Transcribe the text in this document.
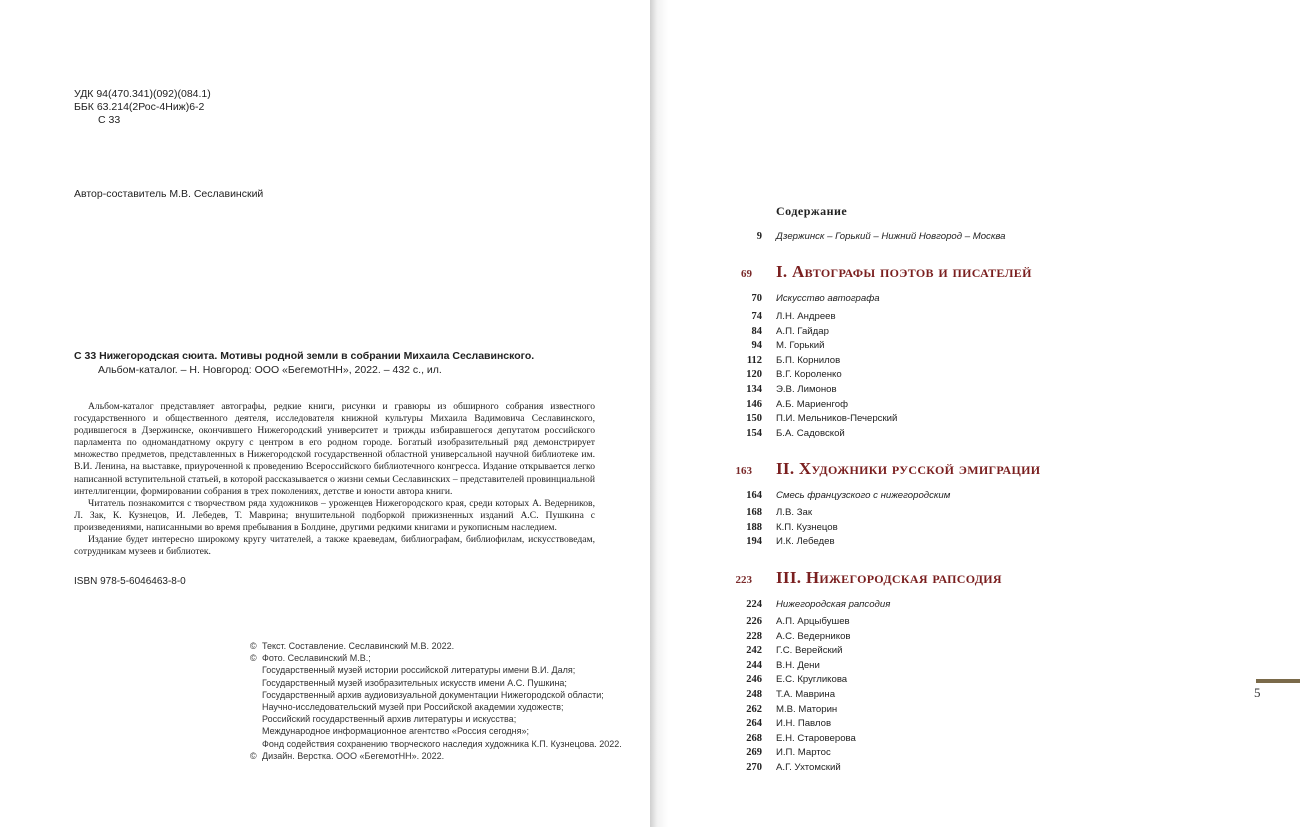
УДК 94(470.341)(092)(084.1)
ББК 63.214(2Рос-4Ниж)6-2
С 33
Автор-составитель М.В. Сеславинский
С 33 Нижегородская сюита. Мотивы родной земли в собрании Михаила Сеславинского.
Альбом-каталог. – Н. Новгород: ООО «БегемотНН», 2022. – 432 с., ил.

Альбом-каталог представляет автографы, редкие книги, рисунки и гравюры из обширного собрания известного государственного и общественного деятеля, исследователя книжной культуры Михаила Вадимовича Сеславинского, родившегося в Дзержинске, окончившего Нижегородский университет и трижды избиравшегося депутатом российского парламента по одномандатному округу с центром в его родном городе. Богатый изобразительный ряд демонстрирует множество предметов, представленных в Нижегородской государственной областной универсальной научной библиотеке им. В.И. Ленина, на выставке, приуроченной к проведению Всероссийского библиотечного конгресса. Издание открывается легко написанной вступительной статьей, в которой рассказывается о жизни семьи Сеславинских – представителей провинциальной интеллигенции, формировании собрания в трех поколениях, детстве и юности автора книги.

Читатель познакомится с творчеством ряда художников – уроженцев Нижегородского края, среди которых А. Ведерников, Л. Зак, К. Кузнецов, И. Лебедев, Т. Маврина; внушительной подборкой прижизненных изданий А.С. Пушкина с произведениями, написанными во время пребывания в Болдине, другими редкими книгами и рукописным наследием.

Издание будет интересно широкому кругу читателей, а также краеведам, библиографам, библиофилам, искусствоведам, сотрудникам музеев и библиотек.

ISBN 978-5-6046463-8-0
© Текст. Составление. Сеславинский М.В. 2022.
© Фото. Сеславинский М.В.;
Государственный музей истории российской литературы имени В.И. Даля;
Государственный музей изобразительных искусств имени А.С. Пушкина;
Государственный архив аудиовизуальной документации Нижегородской области;
Научно-исследовательский музей при Российской академии художеств;
Российский государственный архив литературы и искусства;
Международное информационное агентство «Россия сегодня»;
Фонд содействия сохранению творческого наследия художника К.П. Кузнецова. 2022.
© Дизайн. Верстка. ООО «БегемотНН». 2022.
Содержание
9 Дзержинск – Горький – Нижний Новгород – Москва
69 I. Автографы поэтов и писателей
70 Искусство автографа
74 Л.Н. Андреев
84 А.П. Гайдар
94 М. Горький
112 Б.П. Корнилов
120 В.Г. Короленко
134 Э.В. Лимонов
146 А.Б. Мариенгоф
150 П.И. Мельников-Печерский
154 Б.А. Садовской
163 II. Художники русской эмиграции
164 Смесь французского с нижегородским
168 Л.В. Зак
188 К.П. Кузнецов
194 И.К. Лебедев
223 III. Нижегородская рапсодия
224 Нижегородская рапсодия
226 А.П. Арцыбушев
228 А.С. Ведерников
242 Г.С. Верейский
244 В.Н. Дени
246 Е.С. Кругликова
248 Т.А. Маврина
262 М.В. Маторин
264 И.Н. Павлов
268 Е.Н. Староверова
269 И.П. Мартос
270 А.Г. Ухтомский
5
